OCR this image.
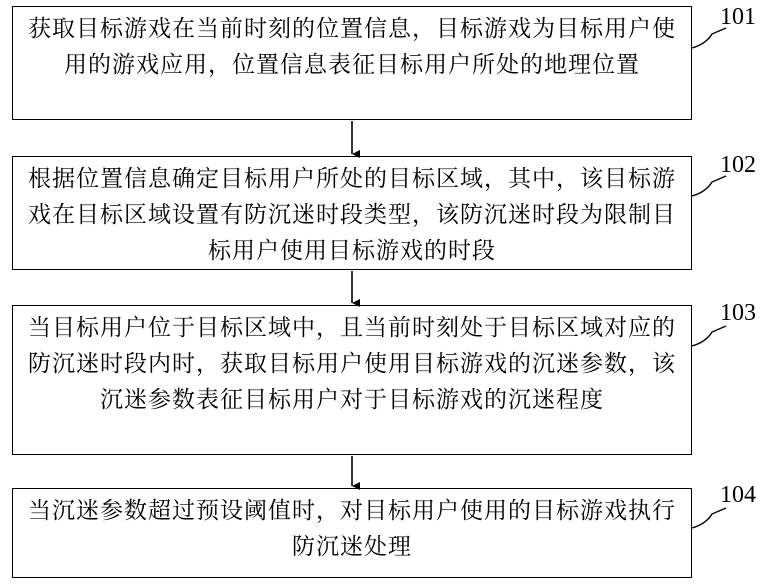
获取目标游戏在当前时刻的位置信息，目标游戏为目标用户使用的游戏应用，位置信息表征目标用户所处的地理位置
101
根据位置信息确定目标用户所处的目标区域，其中，该目标游戏在目标区域设置有防沉迷时段类型，该防沉迷时段为限制目标用户使用目标游戏的时段
102
当目标用户位于目标区域中，且当前时刻处于目标区域对应的防沉迷时段内时，获取目标用户使用目标游戏的沉迷参数，该沉迷参数表征目标用户对于目标游戏的沉迷程度
103
当沉迷参数超过预设阈值时，对目标用户使用的目标游戏执行防沉迷处理
104
